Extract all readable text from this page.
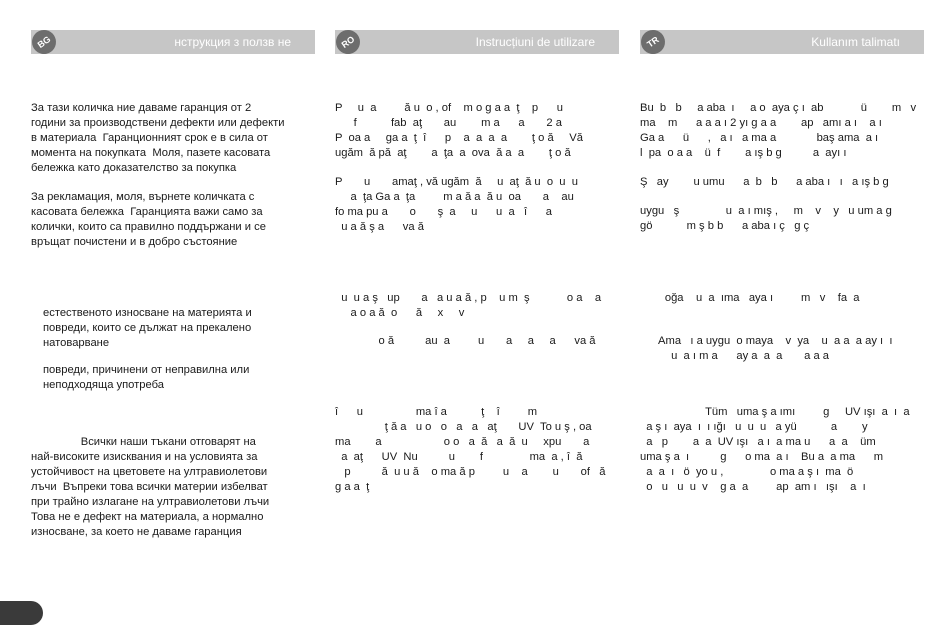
BG	нструкция з ползв не

За тази количка ние даваме гаранция от 2
години за производствени дефекти или дефекти
в материала  Гаранционният срок е в сила от
момента на покупката  Моля, пазете касовата
бележка като доказателство за покупка

За рекламация, моля, върнете количката с
касовата бележка  Гаранцията важи само за
колички, които са правилно поддържани и се
връщат почистени и в добро състояние

естественото износване на материята и
повреди, които се дължат на прекалено
натоварване

повреди, причинени от неправилна или
неподходяща употреба

Всички наши тъкани отговарят на
най-високите изисквания и на условията за
устойчивост на цветовете на ултравиолетови
лъчи  Въпреки това всички материи избелват
при трайно излагане на ултравиолетови лъчи
Това не е дефект на материала, а нормално
износване, за което не даваме гаранция

RO	Instrucțiuni de utilizare

P     u  a         ă u  o , of    m o g a a  ţ    p      u
f           fab  aţ       au        m a      a       2 a
P  oa a     ga a  ţ  î      p    a  a  a  a        ţ o ă     Vă
ugăm  ă pă  aţ        a  ţa  a  ova  ă a  a        ţ o ă

P       u       amaţ , vă ugăm  ă     u  aţ  ă u  o  u  u
a  ţa Ga a  ţa         m a ă a  ă u  oa       a    au
fo ma pu a       o       ş  a     u      u  a   î      a
u a ă ş a      va ă

u  u a ş   up       a   a u a ă , p    u m  ş            o a    a
a o a ă  o      ă     x     v

o ă          au  a         u       a     a     a      va ă

î      u                 ma î a           ţ    î         m
ţ ă a   u o   o   a   a   aţ       UV  To u ş , oa
ma        a                    o o   a  ă   a  ă  u     xpu       a
a  aţ      UV  Nu          u        f               ma  a , î  ă
p          ă  u u ă    o ma ă p         u    a        u       of   ă
g a a  ţ

TR	Kullanım talimatı

Bu  b   b     a aba  ı     a o  aya ç ı  ab            ü        m   v
ma    m      a a a ı 2 yı g a a        ap   amı a ı    a ı
Ga a      ü      ,   a ı   a ma a             baş ama  a ı
l  pa  o a a    ü  f        a ış b g          a  ayı ı

Ş   ay        u umu      a  b   b      a aba ı   ı   a ış b g

uygu   ş               u  a ı mış ,     m    v    y   u um a g
gö           m ş b b      a aba ı ç   g ç

oğa    u  a  ıma   aya ı         m   v    fa  a

Ama   ı a uygu  o maya    v  ya    u  a a  a ay ı  ı
u  a ı m a      ay a  a  a       a a a

Tüm   uma ş a ımı         g     UV ışı  a  ı  a
a ş ı  aya  ı  ı ığı   u  u  u   a yü           a        y
a   p        a  a  UV ışı   a ı  a ma u      a  a    üm
uma ş a  ı          g      o ma  a ı    Bu a  a ma      m
a  a  ı   ö  yo u ,               o ma a ş ı  ma  ö
o   u   u  u  v    g a  a         ap  am ı   ışı    a  ı
